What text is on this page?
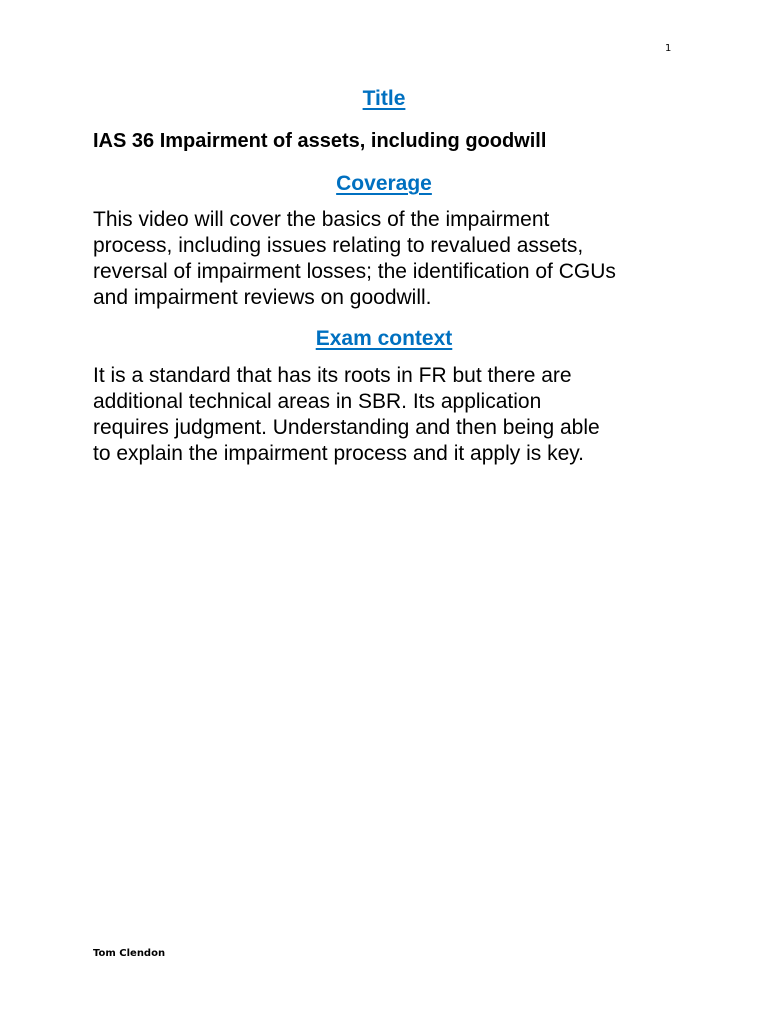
1
Title
IAS 36 Impairment of assets, including goodwill
Coverage

This video will cover the basics of the impairment
process, including issues relating to revalued assets,
reversal of impairment losses; the identification of CGUs
and impairment reviews on goodwill.

Exam context

It is a standard that has its roots in FR but there are
additional technical areas in SBR. Its application
requires judgment. Understanding and then being able
to explain the impairment process and it apply is key.

Tom Clendon
